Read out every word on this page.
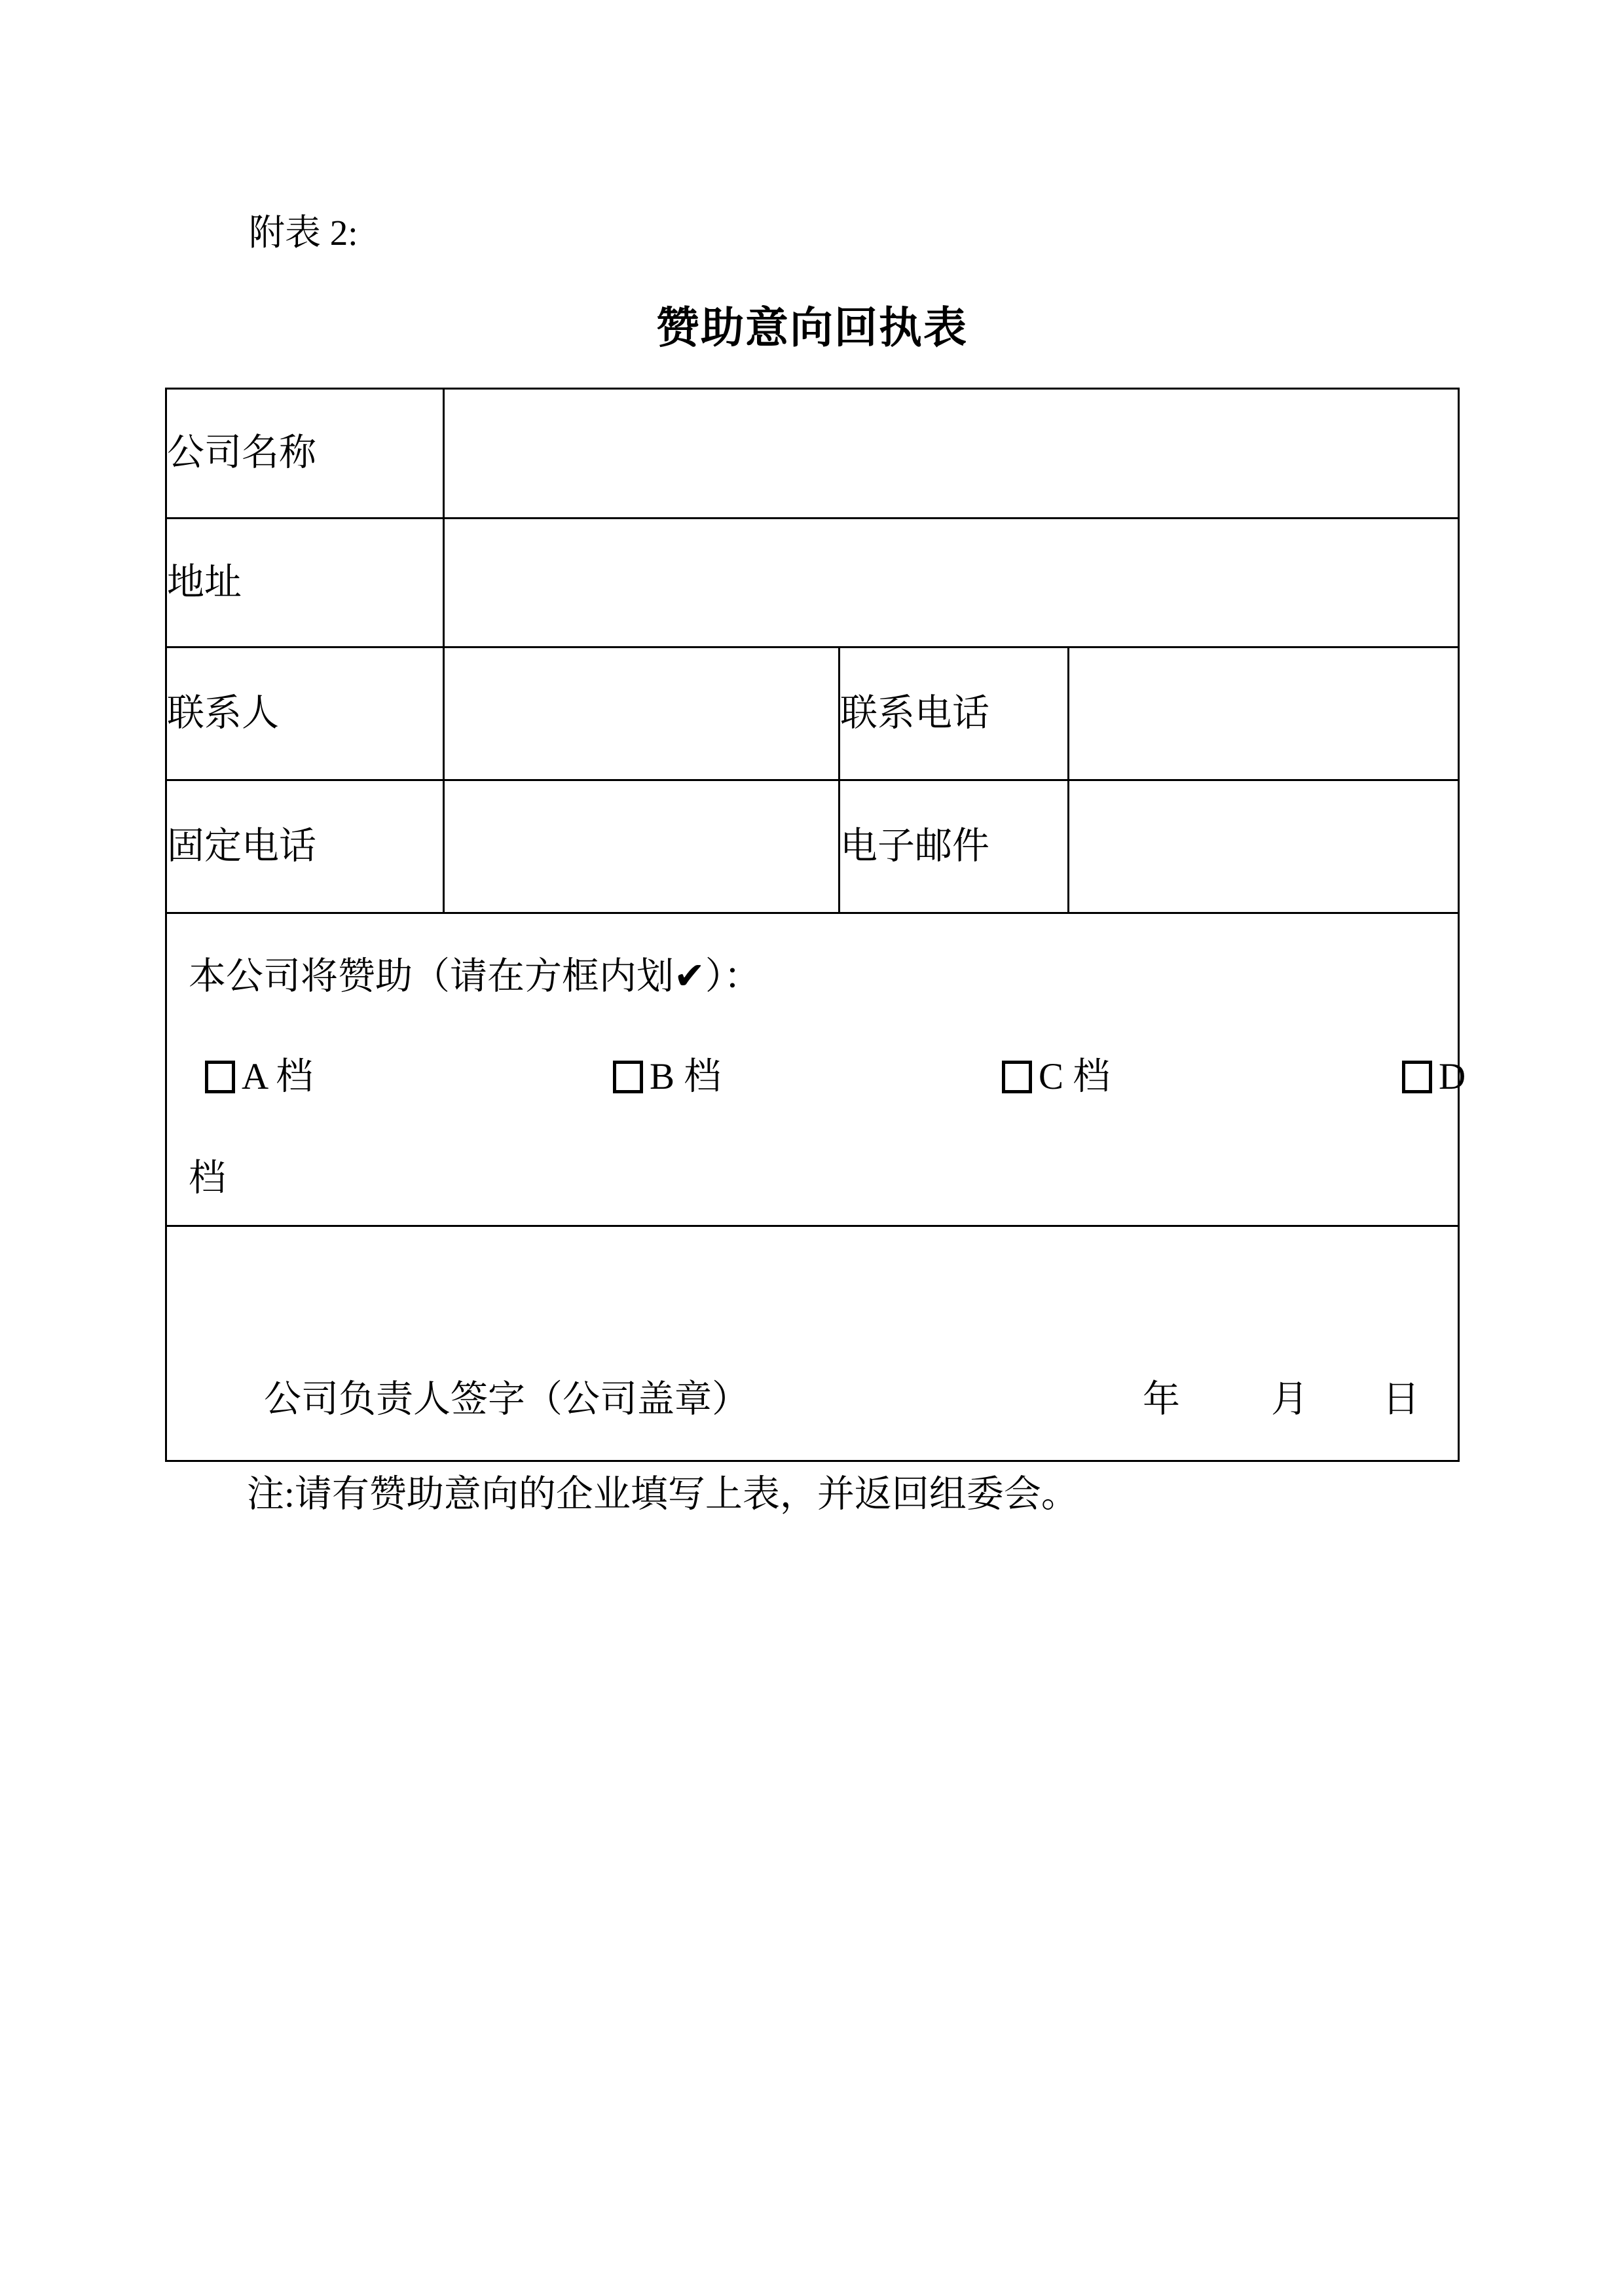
附表 2:
赞助意向回执表
公司名称			
地址			
联系人		联系电话	
固定电话		电子邮件	

本公司将赞助（请在方框内划✔）：
A 档	B 档	C 档	D
档

公司负责人签字（公司盖章） 年 月 日			
注:请有赞助意向的企业填写上表，并返回组委会。
